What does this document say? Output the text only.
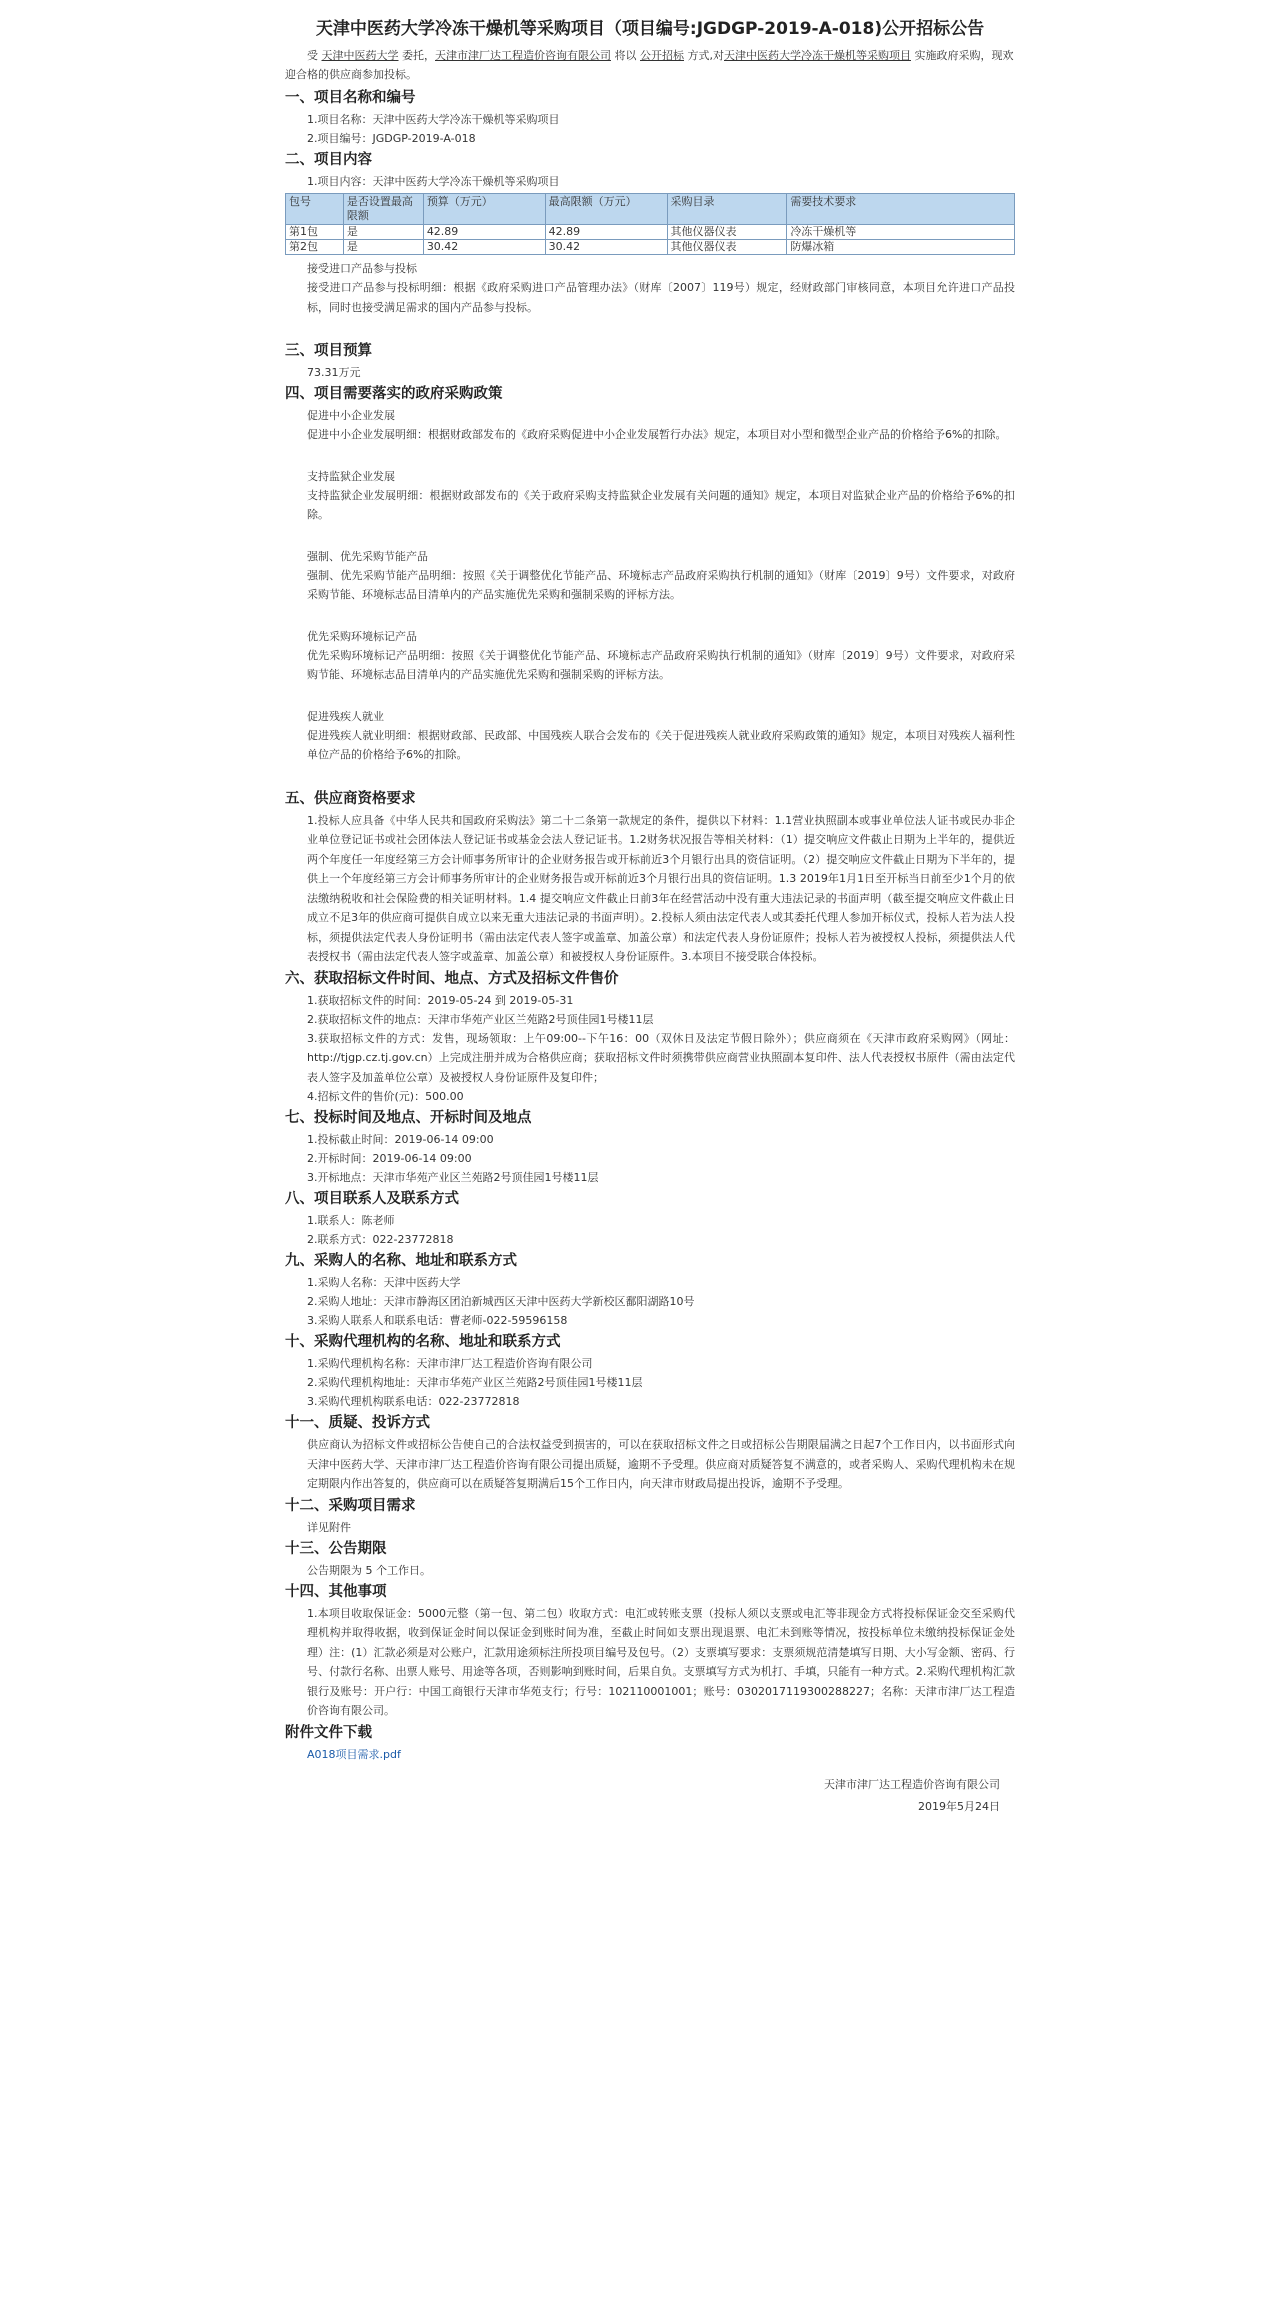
天津中医药大学冷冻干燥机等采购项目（项目编号:JGDGP-2019-A-018)公开招标公告

受 天津中医药大学 委托，天津市津厂达工程造价咨询有限公司 将以 公开招标 方式,对天津中医药大学冷冻干燥机等采购项目 实施政府采购，现欢迎合格的供应商参加投标。

一、项目名称和编号

1.项目名称：天津中医药大学冷冻干燥机等采购项目

2.项目编号：JGDGP-2019-A-018

二、项目内容

1.项目内容：天津中医药大学冷冻干燥机等采购项目

包号	是否设置最高限额	预算（万元）	最高限额（万元）	采购目录	需要技术要求
第1包	是	42.89	42.89	其他仪器仪表	冷冻干燥机等
第2包	是	30.42	30.42	其他仪器仪表	防爆冰箱

接受进口产品参与投标

接受进口产品参与投标明细：根据《政府采购进口产品管理办法》（财库〔2007〕119号）规定，经财政部门审核同意，本项目允许进口产品投标，同时也接受满足需求的国内产品参与投标。

三、项目预算

73.31万元

四、项目需要落实的政府采购政策

促进中小企业发展

促进中小企业发展明细：根据财政部发布的《政府采购促进中小企业发展暂行办法》规定，本项目对小型和微型企业产品的价格给予6%的扣除。

支持监狱企业发展

支持监狱企业发展明细：根据财政部发布的《关于政府采购支持监狱企业发展有关问题的通知》规定，本项目对监狱企业产品的价格给予6%的扣除。

强制、优先采购节能产品

强制、优先采购节能产品明细：按照《关于调整优化节能产品、环境标志产品政府采购执行机制的通知》（财库〔2019〕9号）文件要求，对政府采购节能、环境标志品目清单内的产品实施优先采购和强制采购的评标方法。

优先采购环境标记产品

优先采购环境标记产品明细：按照《关于调整优化节能产品、环境标志产品政府采购执行机制的通知》（财库〔2019〕9号）文件要求，对政府采购节能、环境标志品目清单内的产品实施优先采购和强制采购的评标方法。

促进残疾人就业

促进残疾人就业明细：根据财政部、民政部、中国残疾人联合会发布的《关于促进残疾人就业政府采购政策的通知》规定，本项目对残疾人福利性单位产品的价格给予6%的扣除。

五、供应商资格要求

1.投标人应具备《中华人民共和国政府采购法》第二十二条第一款规定的条件，提供以下材料：1.1营业执照副本或事业单位法人证书或民办非企业单位登记证书或社会团体法人登记证书或基金会法人登记证书。1.2财务状况报告等相关材料：（1）提交响应文件截止日期为上半年的，提供近两个年度任一年度经第三方会计师事务所审计的企业财务报告或开标前近3个月银行出具的资信证明。（2）提交响应文件截止日期为下半年的，提供上一个年度经第三方会计师事务所审计的企业财务报告或开标前近3个月银行出具的资信证明。1.3 2019年1月1日至开标当日前至少1个月的依法缴纳税收和社会保险费的相关证明材料。1.4 提交响应文件截止日前3年在经营活动中没有重大违法记录的书面声明（截至提交响应文件截止日成立不足3年的供应商可提供自成立以来无重大违法记录的书面声明）。2.投标人须由法定代表人或其委托代理人参加开标仪式，投标人若为法人投标，须提供法定代表人身份证明书（需由法定代表人签字或盖章、加盖公章）和法定代表人身份证原件；投标人若为被授权人投标，须提供法人代表授权书（需由法定代表人签字或盖章、加盖公章）和被授权人身份证原件。3.本项目不接受联合体投标。

六、获取招标文件时间、地点、方式及招标文件售价

1.获取招标文件的时间：2019-05-24 到 2019-05-31

2.获取招标文件的地点：天津市华苑产业区兰苑路2号顶佳园1号楼11层

3.获取招标文件的方式：发售，现场领取：上午09:00--下午16：00（双休日及法定节假日除外）；供应商须在《天津市政府采购网》（网址：http://tjgp.cz.tj.gov.cn）上完成注册并成为合格供应商；获取招标文件时须携带供应商营业执照副本复印件、法人代表授权书原件（需由法定代表人签字及加盖单位公章）及被授权人身份证原件及复印件；

4.招标文件的售价(元)：500.00

七、投标时间及地点、开标时间及地点

1.投标截止时间：2019-06-14 09:00

2.开标时间：2019-06-14 09:00

3.开标地点：天津市华苑产业区兰苑路2号顶佳园1号楼11层

八、项目联系人及联系方式

1.联系人：陈老师

2.联系方式：022-23772818

九、采购人的名称、地址和联系方式

1.采购人名称：天津中医药大学

2.采购人地址：天津市静海区团泊新城西区天津中医药大学新校区鄱阳湖路10号

3.采购人联系人和联系电话：曹老师-022-59596158

十、采购代理机构的名称、地址和联系方式

1.采购代理机构名称：天津市津厂达工程造价咨询有限公司

2.采购代理机构地址：天津市华苑产业区兰苑路2号顶佳园1号楼11层

3.采购代理机构联系电话：022-23772818

十一、质疑、投诉方式

供应商认为招标文件或招标公告使自己的合法权益受到损害的，可以在获取招标文件之日或招标公告期限届满之日起7个工作日内，以书面形式向 天津中医药大学、天津市津厂达工程造价咨询有限公司提出质疑，逾期不予受理。供应商对质疑答复不满意的，或者采购人、采购代理机构未在规定期限内作出答复的，供应商可以在质疑答复期满后15个工作日内，向天津市财政局提出投诉，逾期不予受理。

十二、采购项目需求

详见附件

十三、公告期限

公告期限为 5 个工作日。

十四、其他事项

1.本项目收取保证金：5000元整（第一包、第二包）收取方式：电汇或转账支票（投标人须以支票或电汇等非现金方式将投标保证金交至采购代理机构并取得收据，收到保证金时间以保证金到账时间为准，至截止时间如支票出现退票、电汇未到账等情况，按投标单位未缴纳投标保证金处理）注：(1）汇款必须是对公账户，汇款用途须标注所投项目编号及包号。（2）支票填写要求：支票须规范清楚填写日期、大小写金额、密码、行号、付款行名称、出票人账号、用途等各项，否则影响到账时间，后果自负。支票填写方式为机打、手填，只能有一种方式。2.采购代理机构汇款银行及账号：开户行：中国工商银行天津市华苑支行；行号：102110001001；账号：0302017119300288227；名称：天津市津厂达工程造价咨询有限公司。

附件文件下载

A018项目需求.pdf

天津市津厂达工程造价咨询有限公司

2019年5月24日
